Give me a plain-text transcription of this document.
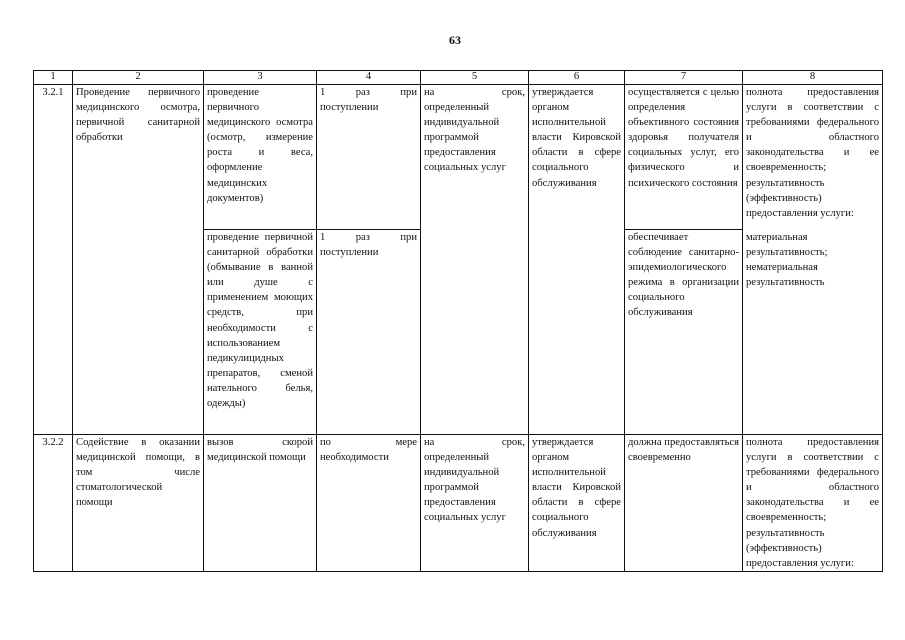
63
1	2	3	4	5	6	7	8
3.2.1	Проведение первичного медицинского осмотра, первичной санитарной обработки	проведение первичного медицинского осмотра (осмотр, измерение роста и веса, оформление медицинских документов)	1 раз при поступлении	на срок, определенный индивидуальной программой предоставления социальных услуг	утверждается органом исполнительной власти Кировской области в сфере социального обслуживания	осуществляется с целью определения объективного состояния здоровья получателя социальных услуг, его физического и психического состояния	полнота предоставления услуги в соответствии с требованиями федерального и областного законодательства и ее своевременность; результативность (эффективность) предоставления услуги:
		проведение первичной санитарной обработки (обмывание в ванной или душе с применением моющих средств, при необходимости с использованием педикулицидных препаратов, сменой нательного белья, одежды)	1 раз при поступлении			обеспечивает соблюдение санитарно-эпидемиологического режима в организации социального обслуживания	материальная результативность; нематериальная результативность
3.2.2	Содействие в оказании медицинской помощи, в том числе стоматологической помощи	вызов скорой медицинской помощи	по мере необходимости	на срок, определенный индивидуальной программой предоставления социальных услуг	утверждается органом исполнительной власти Кировской области в сфере социального обслуживания	должна предоставляться своевременно	полнота предоставления услуги в соответствии с требованиями федерального и областного законодательства и ее своевременность; результативность (эффективность) предоставления услуги:
